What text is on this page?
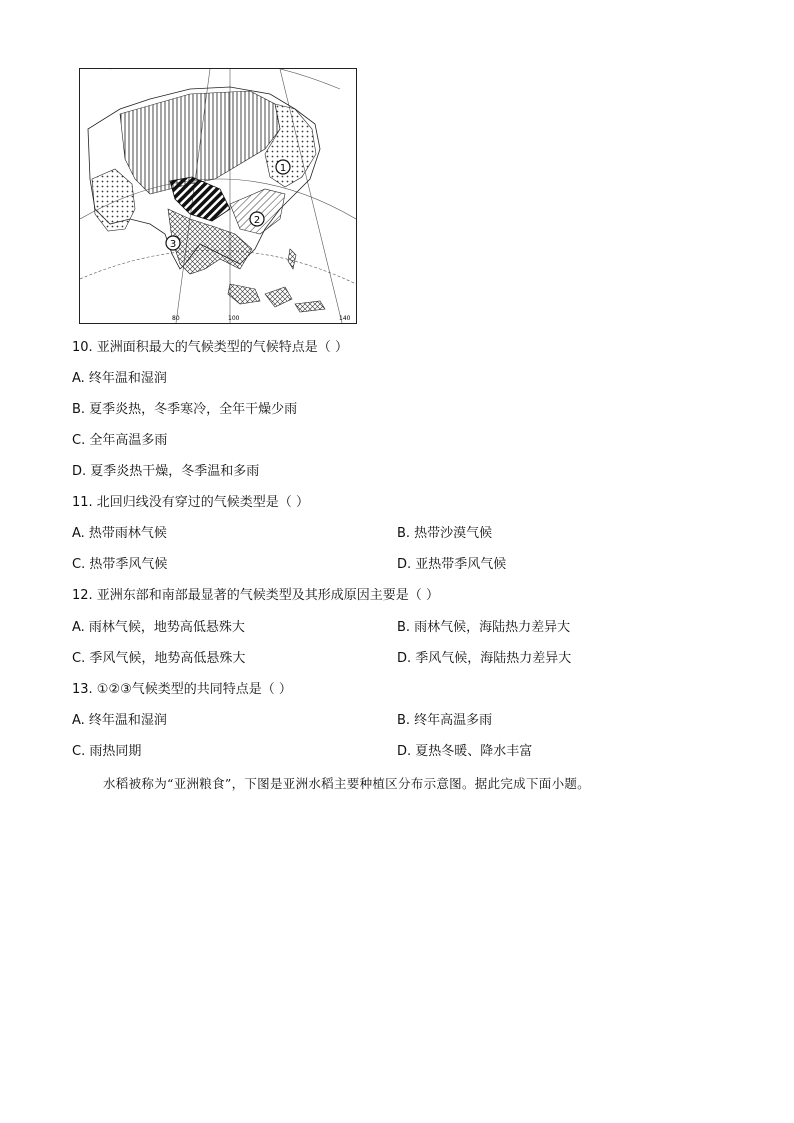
1
2
3
80	100	140
10. 亚洲面积最大的气候类型的气候特点是（ ）
A. 终年温和湿润
B. 夏季炎热，冬季寒冷，全年干燥少雨
C. 全年高温多雨
D. 夏季炎热干燥，冬季温和多雨
11. 北回归线没有穿过的气候类型是（ ）
A. 热带雨林气候	B. 热带沙漠气候
C. 热带季风气候	D. 亚热带季风气候
12. 亚洲东部和南部最显著的气候类型及其形成原因主要是（ ）
A. 雨林气候，地势高低悬殊大	B. 雨林气候，海陆热力差异大
C. 季风气候，地势高低悬殊大	D. 季风气候，海陆热力差异大
13. ①②③气候类型的共同特点是（ ）
A. 终年温和湿润	B. 终年高温多雨
C. 雨热同期	D. 夏热冬暖、降水丰富
水稻被称为“亚洲粮食”，下图是亚洲水稻主要种植区分布示意图。据此完成下面小题。
